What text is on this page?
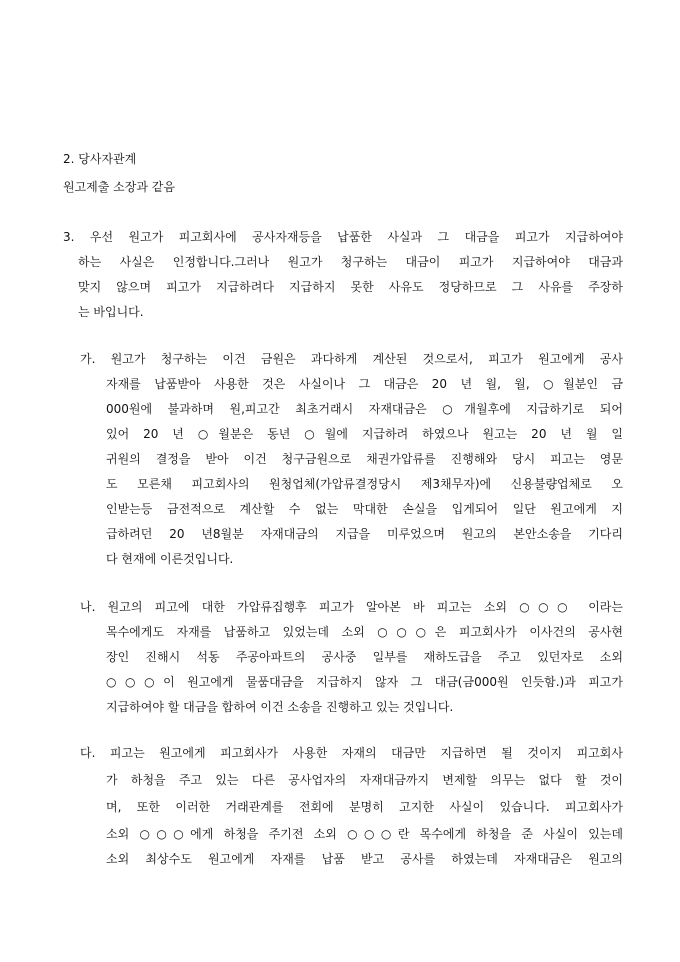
2. 당사자관계
원고제출 소장과 같음
3. 우선 원고가 피고회사에 공사자재등을 납품한 사실과 그 대금을 피고가 지급하여야
하는 사실은 인정합니다.그러나 원고가 청구하는 대금이 피고가 지급하여야 대금과
맞지 않으며 피고가 지급하려다 지급하지 못한 사유도 정당하므로 그 사유를 주장하
는 바입니다.
가. 원고가 청구하는 이건 금원은 과다하게 계산된 것으로서, 피고가 원고에게 공사
자재를 납품받아 사용한 것은 사실이나 그 대금은 20 년 월, 월, ○월분인 금
000원에 불과하며 원,피고간 최초거래시 자재대금은 ○개월후에 지급하기로 되어
있어 20 년 ○월분은 동년 ○월에 지급하려 하였으나 원고는 20 년 월 일
귀원의 결정을 받아 이건 청구금원으로 채권가압류를 진행해와 당시 피고는 영문
도 모른채 피고회사의 원청업체(가압류결정당시 제3채무자)에 신용불량업체로 오
인받는등 금전적으로 계산할 수 없는 막대한 손실을 입게되어 일단 원고에게 지
급하려던 20 년8월분 자재대금의 지급을 미루었으며 원고의 본안소송을 기다리
다 현재에 이른것입니다.
나. 원고의 피고에 대한 가압류집행후 피고가 알아본 바 피고는 소외 ○○○ 이라는
목수에게도 자재를 납품하고 있었는데 소외 ○○○은 피고회사가 이사건의 공사현
장인 진해시 석동 주공아파트의 공사중 일부를 재하도급을 주고 있던자로 소외
○○○이 원고에게 물품대금을 지급하지 않자 그 대금(금000원 인듯함.)과 피고가
지급하여야 할 대금을 합하여 이건 소송을 진행하고 있는 것입니다.
다. 피고는 원고에게 피고회사가 사용한 자재의 대금만 지급하면 될 것이지 피고회사
가 하청을 주고 있는 다른 공사업자의 자재대금까지 변제할 의무는 없다 할 것이
며, 또한 이러한 거래관계를 전회에 분명히 고지한 사실이 있습니다. 피고회사가
소외 ○○○에게 하청을 주기전 소외 ○○○란 목수에게 하청을 준 사실이 있는데
소외 최상수도 원고에게 자재를 납품 받고 공사를 하였는데 자재대금은 원고의
